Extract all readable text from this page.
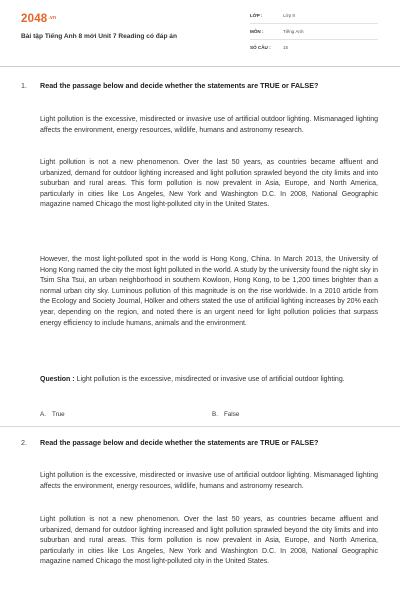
$2048^{.vn}$
Bài tập Tiếng Anh 8 mới Unit 7 Reading có đáp án
LỚP :	Lớp 8
MÔN :	Tiếng Anh
SỐ CÂU :	15
1. Read the passage below and decide whether the statements are TRUE or FALSE?

Light pollution is the excessive, misdirected or invasive use of artificial outdoor lighting. Mismanaged lighting affects the environment, energy resources, wildlife, humans and astronomy research.

Light pollution is not a new phenomenon. Over the last 50 years, as countries became affluent and urbanized, demand for outdoor lighting increased and light pollution sprawled beyond the city limits and into suburban and rural areas. This form pollution is now prevalent in Asia, Europe, and North America, particularly in cities like Los Angeles, New York and Washington D.C. In 2008, National Geographic magazine named Chicago the most light-polluted city in the United States.

However, the most light-polluted spot in the world is Hong Kong, China. In March 2013, the University of Hong Kong named the city the most light polluted in the world. A study by the university found the night sky in Tsim Sha Tsui, an urban neighborhood in southern Kowloon, Hong Kong, to be 1,200 times brighter than a normal urban city sky. Luminous pollution of this magnitude is on the rise worldwide. In a 2010 article from the Ecology and Society Journal, Hölker and others stated the use of artificial lighting increases by 20% each year, depending on the region, and noted there is an urgent need for light pollution policies that surpass energy efficiency to include humans, animals and the environment.

Question : Light pollution is the excessive, misdirected or invasive use of artificial outdoor lighting.
A. True	B. False
2. Read the passage below and decide whether the statements are TRUE or FALSE?

Light pollution is the excessive, misdirected or invasive use of artificial outdoor lighting. Mismanaged lighting affects the environment, energy resources, wildlife, humans and astronomy research.

Light pollution is not a new phenomenon. Over the last 50 years, as countries became affluent and urbanized, demand for outdoor lighting increased and light pollution sprawled beyond the city limits and into suburban and rural areas. This form pollution is now prevalent in Asia, Europe, and North America, particularly in cities like Los Angeles, New York and Washington D.C. In 2008, National Geographic magazine named Chicago the most light-polluted city in the United States.
